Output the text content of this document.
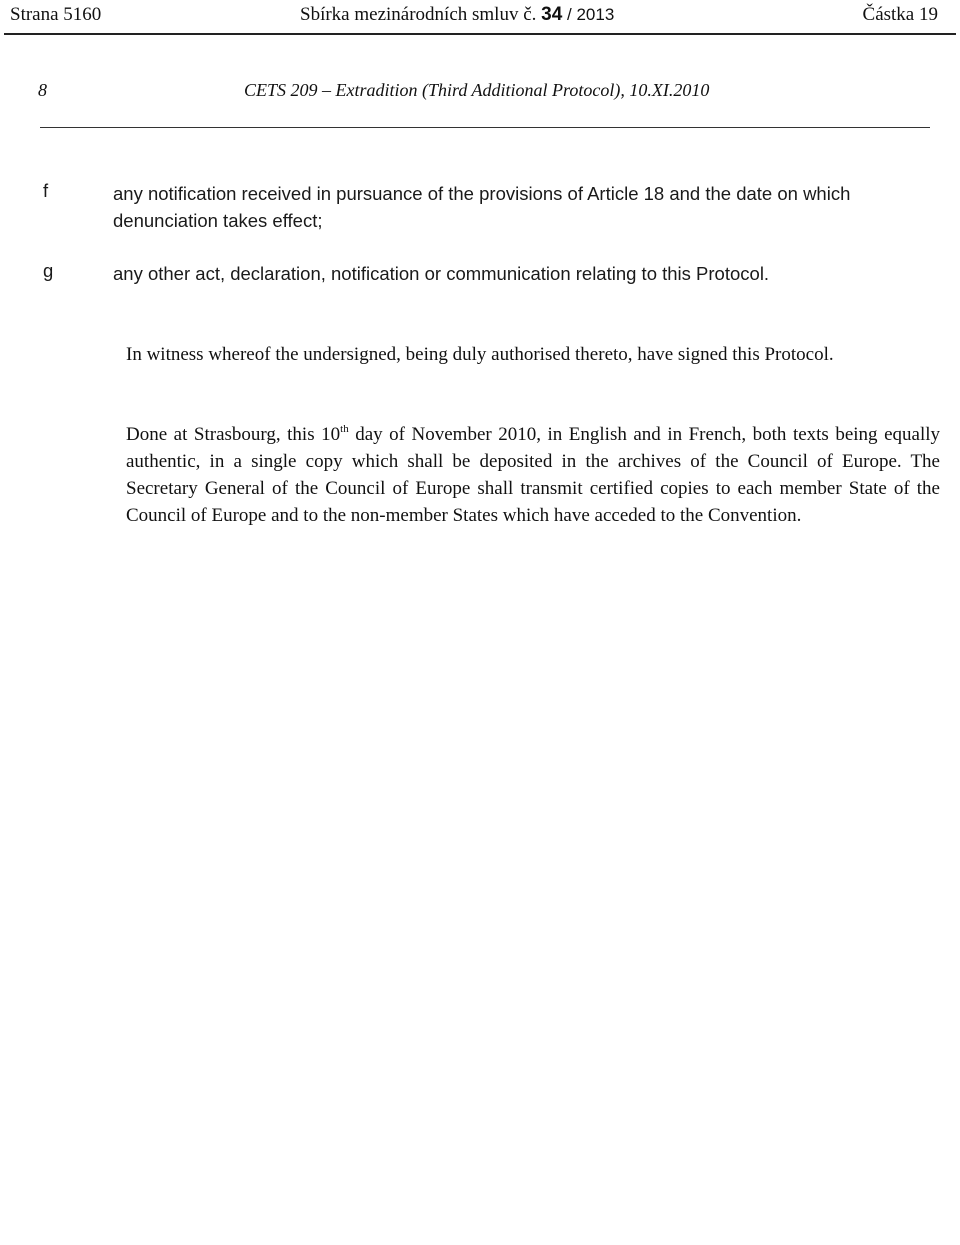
Strana 5160	Sbírka mezinárodních smluv č. 34 / 2013	Částka 19
8	CETS 209 – Extradition (Third Additional Protocol), 10.XI.2010
f	any notification received in pursuance of the provisions of Article 18 and the date on which denunciation takes effect;
g	any other act, declaration, notification or communication relating to this Protocol.

In witness whereof the undersigned, being duly authorised thereto, have signed this Protocol.

Done at Strasbourg, this 10th day of November 2010, in English and in French, both texts being equally authentic, in a single copy which shall be deposited in the archives of the Council of Europe. The Secretary General of the Council of Europe shall transmit certified copies to each member State of the Council of Europe and to the non-member States which have acceded to the Convention.
